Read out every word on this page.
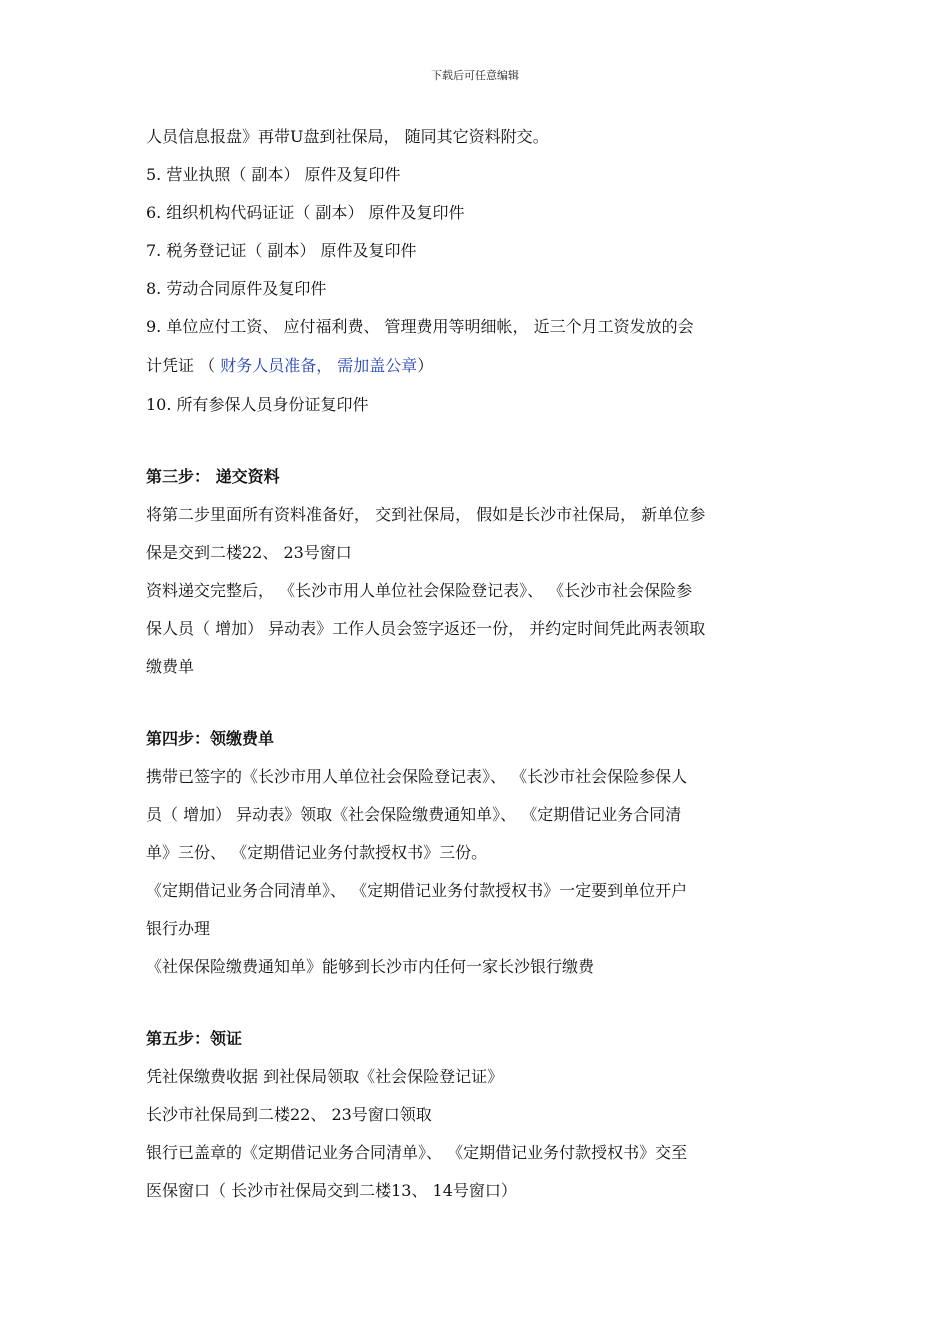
下载后可任意编辑
人员信息报盘》再带U盘到社保局， 随同其它资料附交。
5. 营业执照（ 副本） 原件及复印件
6. 组织机构代码证证（ 副本） 原件及复印件
7. 税务登记证（ 副本） 原件及复印件
8. 劳动合同原件及复印件
9. 单位应付工资、 应付福利费、 管理费用等明细帐， 近三个月工资发放的会
计凭证 （ 财务人员准备， 需加盖公章）
10. 所有参保人员身份证复印件
第三步： 递交资料
将第二步里面所有资料准备好， 交到社保局， 假如是长沙市社保局， 新单位参
保是交到二楼22、 23号窗口
资料递交完整后， 《长沙市用人单位社会保险登记表》、 《长沙市社会保险参
保人员（ 增加） 异动表》工作人员会签字返还一份， 并约定时间凭此两表领取
缴费单
第四步：领缴费单
携带已签字的《长沙市用人单位社会保险登记表》、 《长沙市社会保险参保人
员（ 增加） 异动表》领取《社会保险缴费通知单》、 《定期借记业务合同清
单》三份、 《定期借记业务付款授权书》三份。
《定期借记业务合同清单》、 《定期借记业务付款授权书》一定要到单位开户
银行办理
《社保保险缴费通知单》能够到长沙市内任何一家长沙银行缴费
第五步：领证
凭社保缴费收据 到社保局领取《社会保险登记证》
长沙市社保局到二楼22、 23号窗口领取
银行已盖章的《定期借记业务合同清单》、 《定期借记业务付款授权书》交至
医保窗口（ 长沙市社保局交到二楼13、 14号窗口）
